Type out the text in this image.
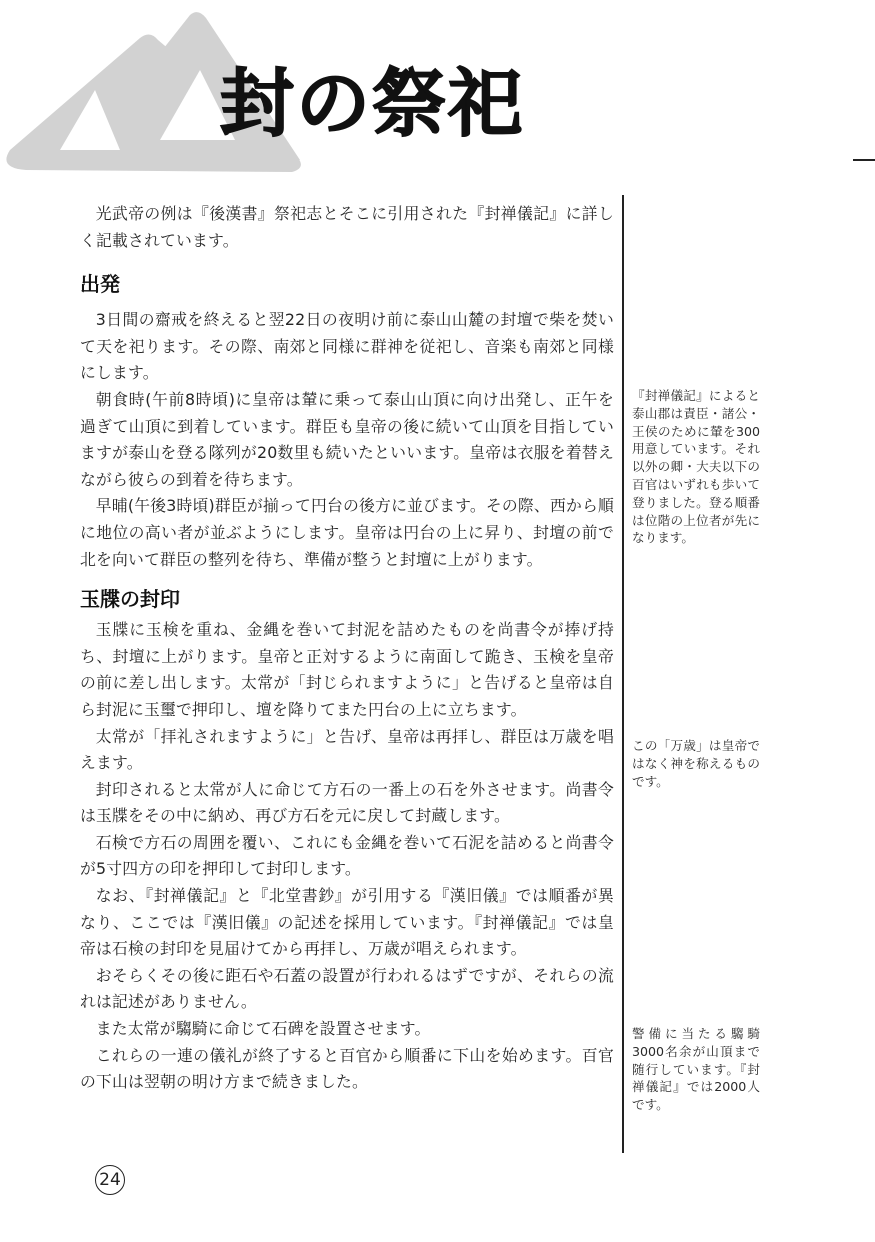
封の祭祀

光武帝の例は『後漢書』祭祀志とそこに引用された『封禅儀記』に詳しく記載されています。

出発

3日間の齋戒を終えると翌22日の夜明け前に泰山山麓の封壇で柴を焚いて天を祀ります。その際、南郊と同様に群神を従祀し、音楽も南郊と同様にします。

朝食時(午前8時頃)に皇帝は輦に乗って泰山山頂に向け出発し、正午を過ぎて山頂に到着しています。群臣も皇帝の後に続いて山頂を目指していますが泰山を登る隊列が20数里も続いたといいます。皇帝は衣服を着替えながら彼らの到着を待ちます。

早晡(午後3時頃)群臣が揃って円台の後方に並びます。その際、西から順に地位の高い者が並ぶようにします。皇帝は円台の上に昇り、封壇の前で北を向いて群臣の整列を待ち、準備が整うと封壇に上がります。

玉牒の封印

玉牒に玉検を重ね、金縄を巻いて封泥を詰めたものを尚書令が捧げ持ち、封壇に上がります。皇帝と正対するように南面して跪き、玉検を皇帝の前に差し出します。太常が「封じられますように」と告げると皇帝は自ら封泥に玉璽で押印し、壇を降りてまた円台の上に立ちます。

太常が「拝礼されますように」と告げ、皇帝は再拝し、群臣は万歳を唱えます。

封印されると太常が人に命じて方石の一番上の石を外させます。尚書令は玉牒をその中に納め、再び方石を元に戻して封蔵します。

石検で方石の周囲を覆い、これにも金縄を巻いて石泥を詰めると尚書令が5寸四方の印を押印して封印します。

なお、『封禅儀記』と『北堂書鈔』が引用する『漢旧儀』では順番が異なり、ここでは『漢旧儀』の記述を採用しています。『封禅儀記』では皇帝は石検の封印を見届けてから再拝し、万歳が唱えられます。

おそらくその後に距石や石蓋の設置が行われるはずですが、それらの流れは記述がありません。

また太常が騶騎に命じて石碑を設置させます。

これらの一連の儀礼が終了すると百官から順番に下山を始めます。百官の下山は翌朝の明け方まで続きました。

『封禅儀記』によると泰山郡は責臣・諸公・王侯のために輦を300用意しています。それ以外の卿・大夫以下の百官はいずれも歩いて登りました。登る順番は位階の上位者が先になります。
この「万歳」は皇帝ではなく神を称えるものです。
警備に当たる騶騎3000名余が山頂まで随行しています。『封禅儀記』では2000人です。
24
